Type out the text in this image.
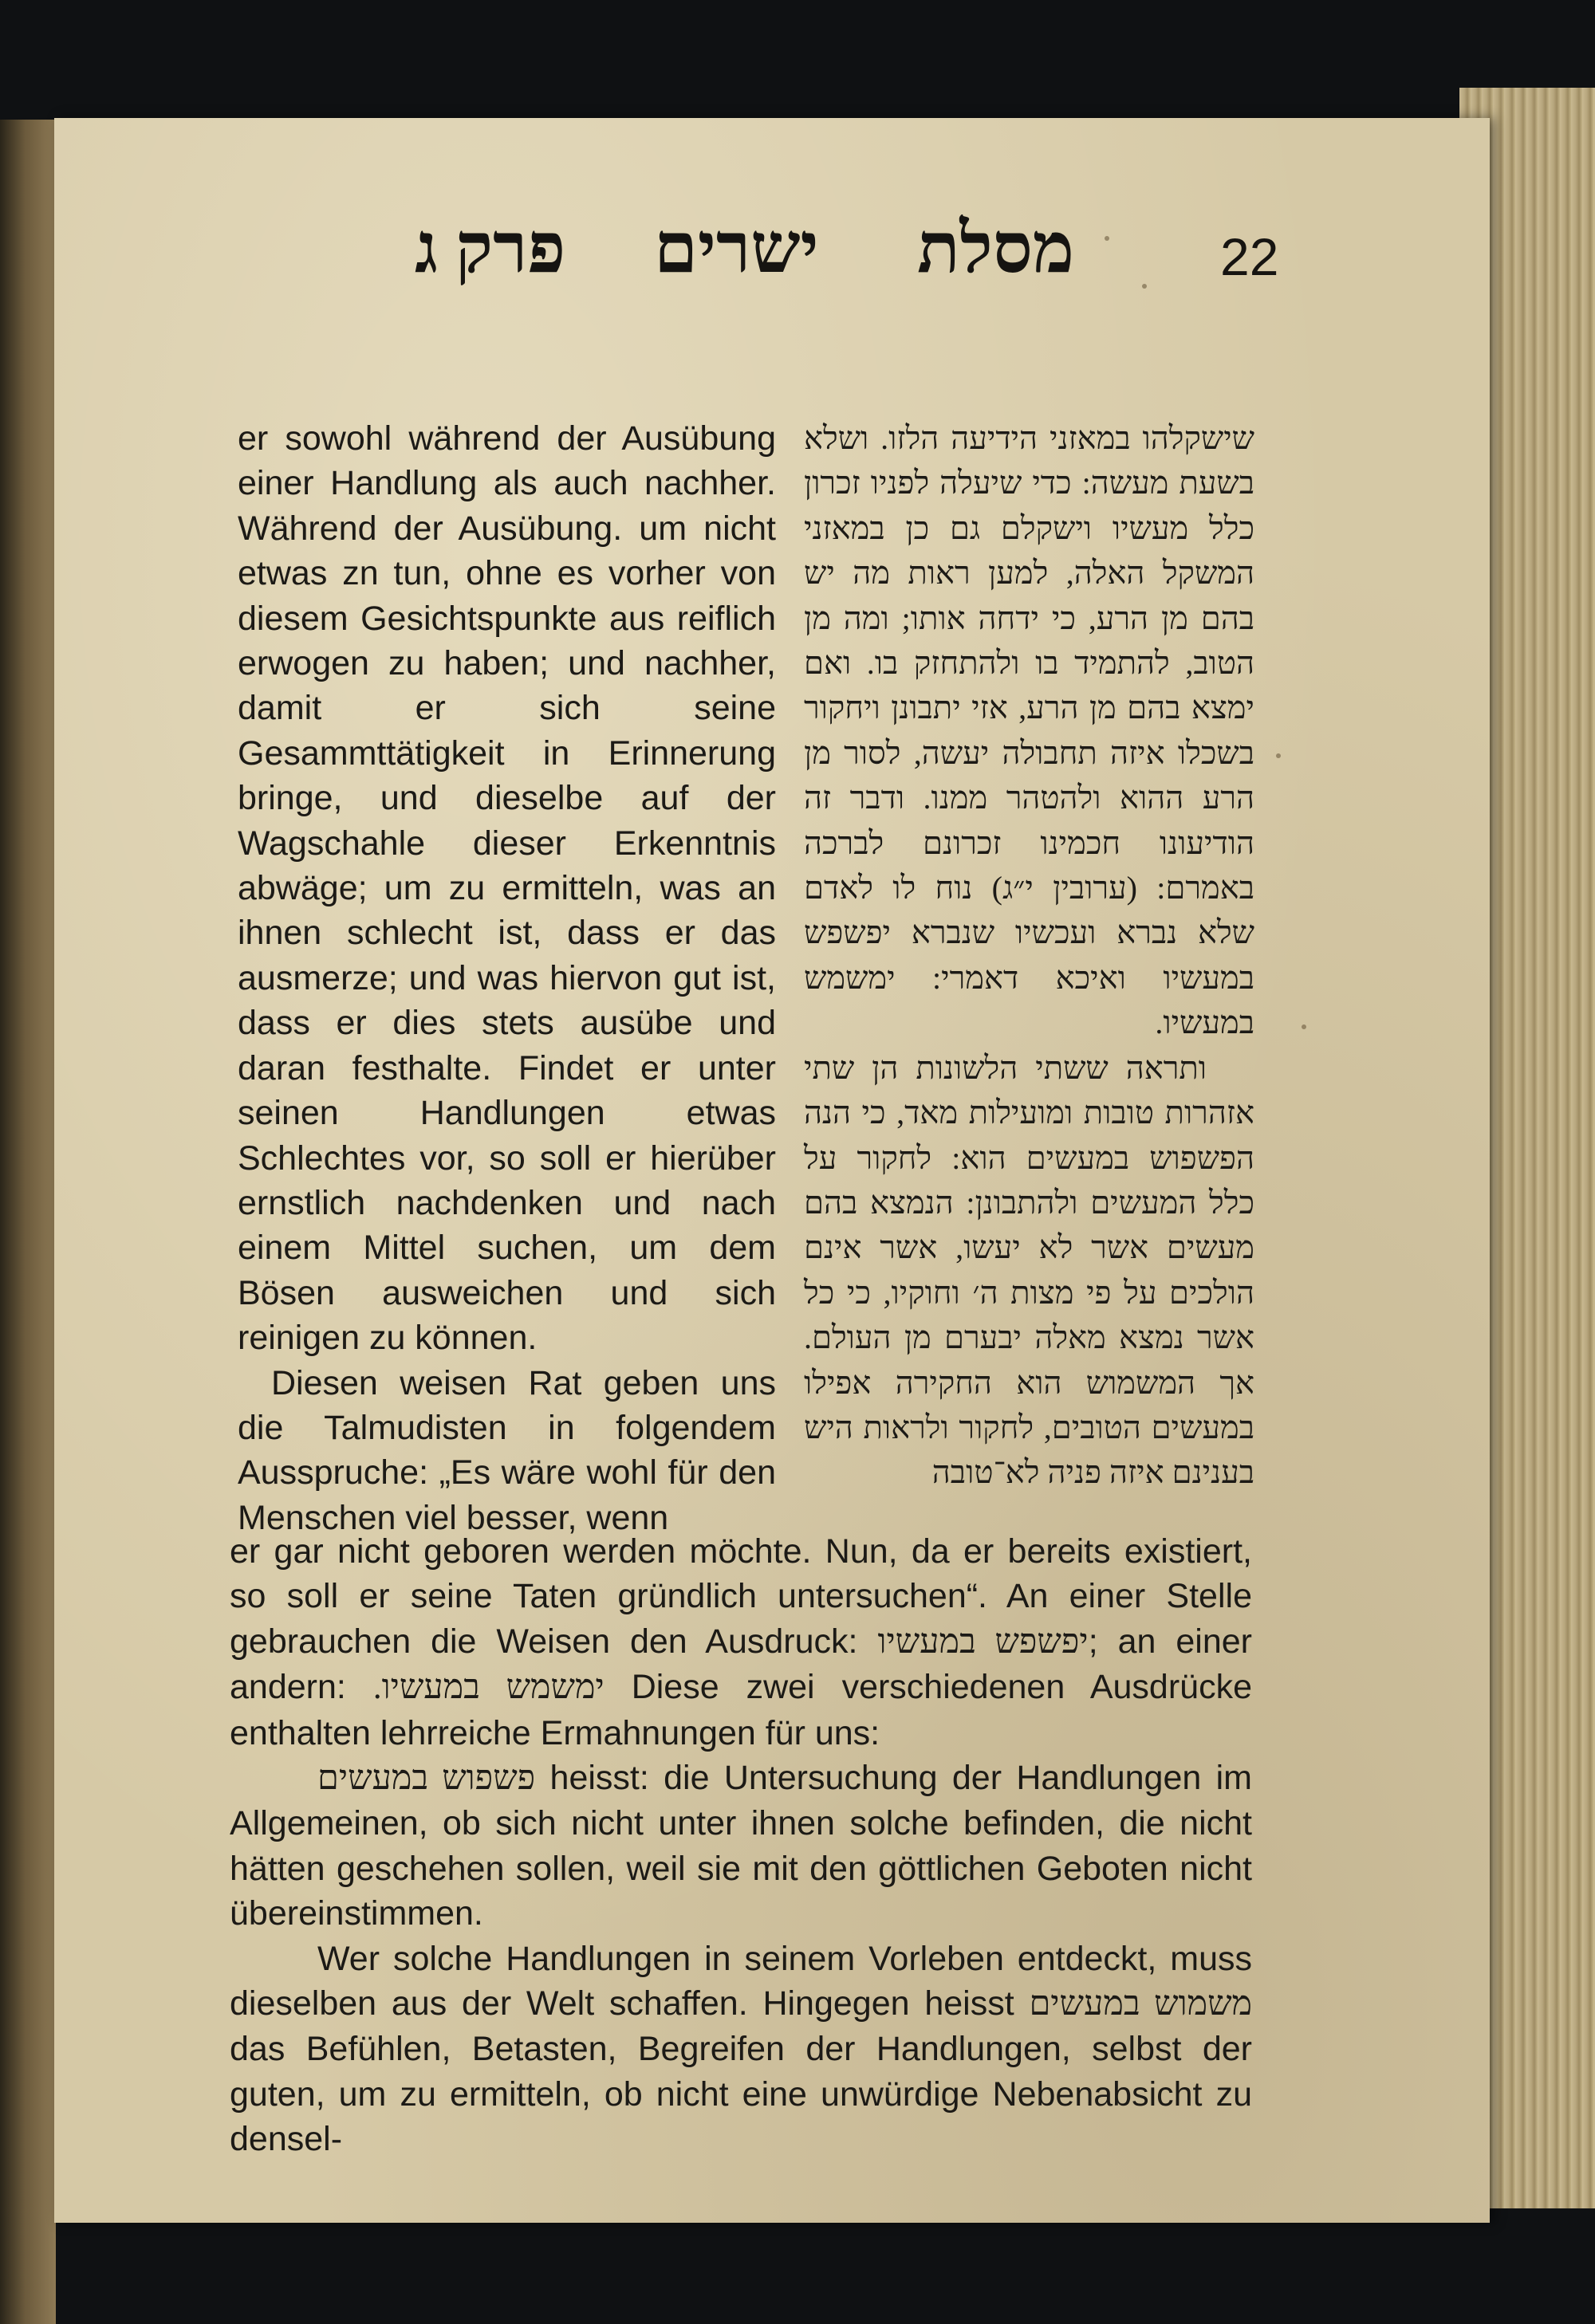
22
מסלת
ישרים
פרק ג

er sowohl während der Ausübung einer Handlung als auch nachher. Während der Ausübung. um nicht etwas zn tun, ohne es vorher von diesem Gesichtspunkte aus reiflich erwogen zu haben; und nachher, damit er sich seine Gesammttätigkeit in Erinnerung bringe, und dieselbe auf der Wagschahle dieser Erkenntnis abwäge; um zu ermitteln, was an ihnen schlecht ist, dass er das ausmerze; und was hiervon gut ist, dass er dies stets ausübe und daran festhalte. Findet er unter seinen Handlungen etwas Schlechtes vor, so soll er hierüber ernstlich nachdenken und nach einem Mittel suchen, um dem Bösen ausweichen und sich reinigen zu können.

Diesen weisen Rat geben uns die Talmudisten in folgendem Ausspruche: „Es wäre wohl für den Menschen viel besser, wenn

שישקלהו במאזני הידיעה הלזו. ושלא בשעת מעשה: כדי שיעלה לפניו זכרון כלל מעשיו וישקלם גם כן במאזני המשקל האלה, למען ראות מה יש בהם מן הרע, כי ידחה אותו; ומה מן הטוב, להתמיד בו ולהתחזק בו. ואם ימצא בהם מן הרע, אזי יתבונן ויחקור בשכלו איזה תחבולה יעשה, לסור מן הרע ההוא ולהטהר ממנו. ודבר זה הודיעונו חכמינו זכרונם לברכה באמרם: (ערובין י״ג) נוח לו לאדם שלא נברא ועכשיו שנברא יפשפש במעשיו ואיכא דאמרי: ימשמש במעשיו.

ותראה ששתי הלשונות הן שתי אזהרות טובות ומועילות מאד, כי הנה הפשפוש במעשים הוא: לחקור על כלל המעשים ולהתבונן: הנמצא בהם מעשים אשר לא יעשו, אשר אינם הולכים על פי מצות ה׳ וחוקיו, כי כל אשר נמצא מאלה יבערם מן העולם. אך המשמוש הוא החקירה אפילו במעשים הטובים, לחקור ולראות היש בענינם איזה פניה לא־טובה

er gar nicht geboren werden möchte. Nun, da er bereits existiert, so soll er seine Taten gründlich untersuchen“. An einer Stelle gebrauchen die Weisen den Ausdruck: יפשפש במעשיו; an einer andern: ימשמש במעשיו. Diese zwei verschiedenen Ausdrücke enthalten lehrreiche Ermahnungen für uns:

פשפוש במעשים heisst: die Untersuchung der Handlungen im Allgemeinen, ob sich nicht unter ihnen solche befinden, die nicht hätten geschehen sollen, weil sie mit den göttlichen Geboten nicht übereinstimmen.

Wer solche Handlungen in seinem Vorleben entdeckt, muss dieselben aus der Welt schaffen. Hingegen heisst משמוש במעשים das Befühlen, Betasten, Begreifen der Handlungen, selbst der guten, um zu ermitteln, ob nicht eine unwürdige Nebenabsicht zu densel-
